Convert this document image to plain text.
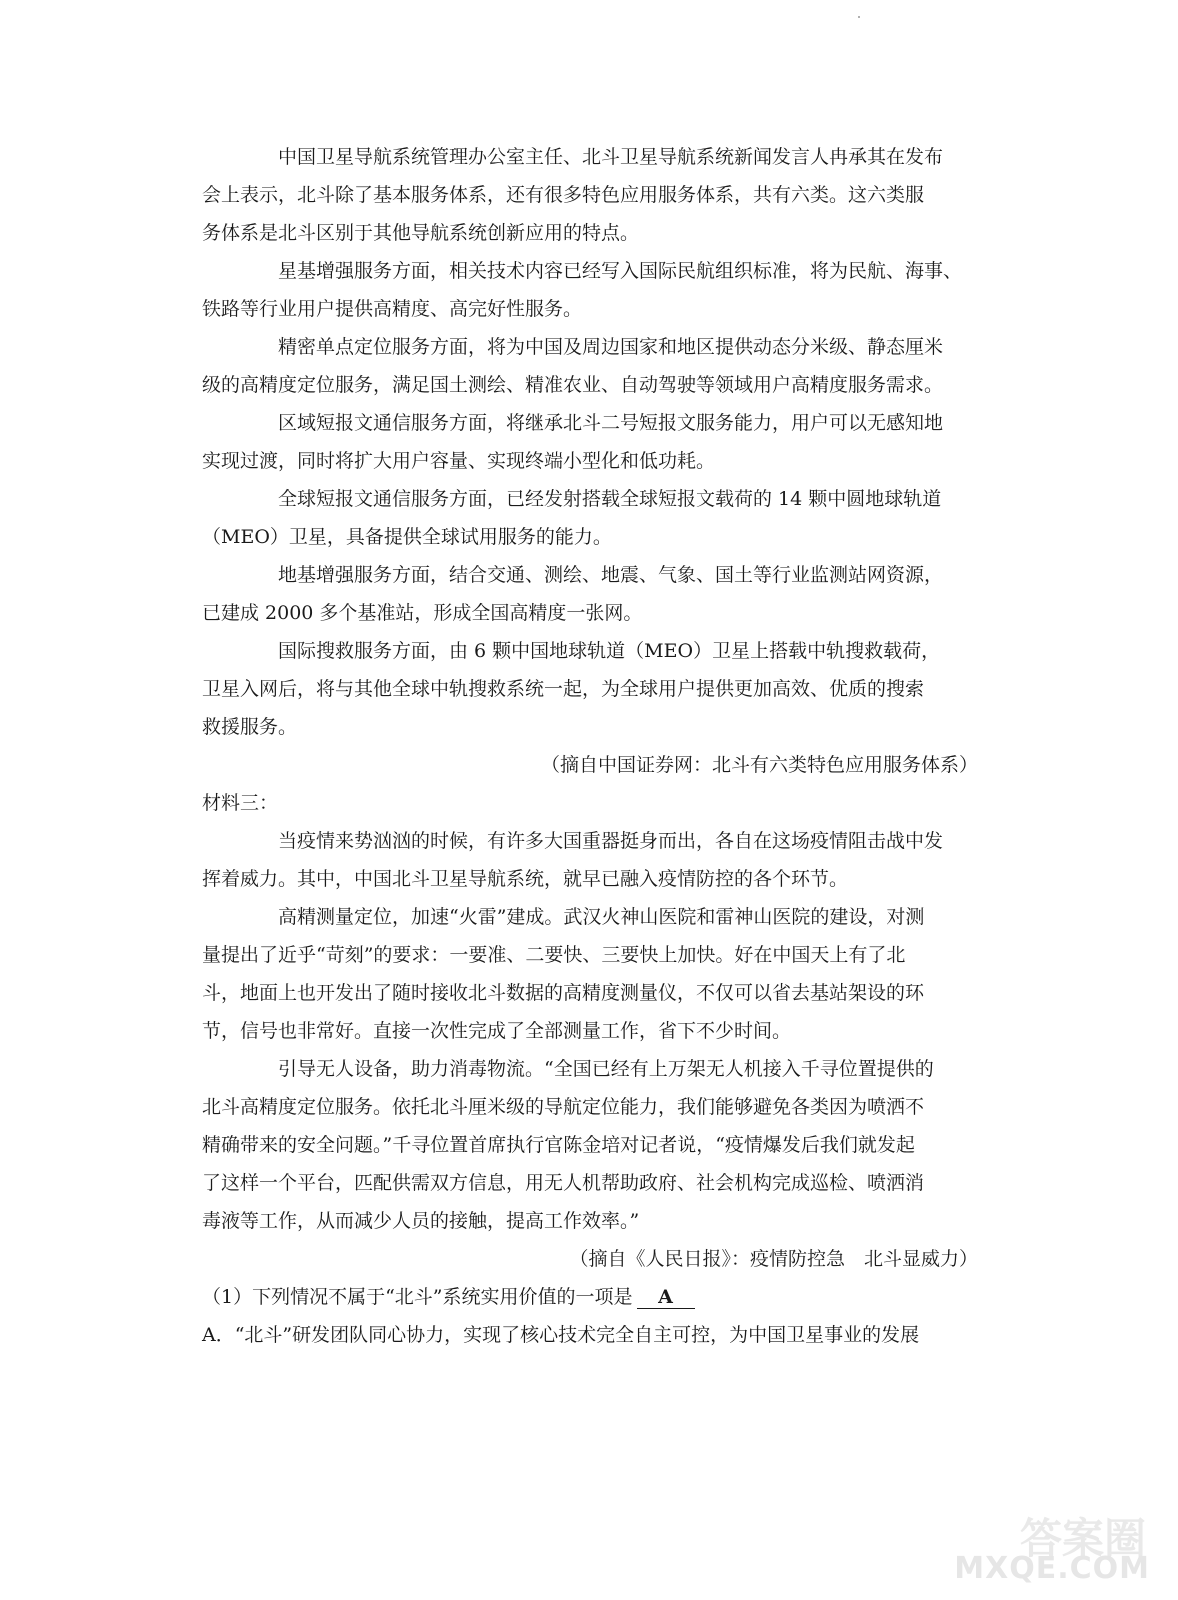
中国卫星导航系统管理办公室主任、北斗卫星导航系统新闻发言人冉承其在发布
会上表示，北斗除了基本服务体系，还有很多特色应用服务体系，共有六类。这六类服
务体系是北斗区别于其他导航系统创新应用的特点。
星基增强服务方面，相关技术内容已经写入国际民航组织标准，将为民航、海事、
铁路等行业用户提供高精度、高完好性服务。
精密单点定位服务方面，将为中国及周边国家和地区提供动态分米级、静态厘米
级的高精度定位服务，满足国土测绘、精准农业、自动驾驶等领域用户高精度服务需求。
区域短报文通信服务方面，将继承北斗二号短报文服务能力，用户可以无感知地
实现过渡，同时将扩大用户容量、实现终端小型化和低功耗。
全球短报文通信服务方面，已经发射搭载全球短报文载荷的 14 颗中圆地球轨道
（MEO）卫星，具备提供全球试用服务的能力。
地基增强服务方面，结合交通、测绘、地震、气象、国土等行业监测站网资源，
已建成 2000 多个基准站，形成全国高精度一张网。
国际搜救服务方面，由 6 颗中国地球轨道（MEO）卫星上搭载中轨搜救载荷，
卫星入网后，将与其他全球中轨搜救系统一起，为全球用户提供更加高效、优质的搜索
救援服务。
（摘自中国证券网：北斗有六类特色应用服务体系）
材料三：
当疫情来势汹汹的时候，有许多大国重器挺身而出，各自在这场疫情阻击战中发
挥着威力。其中，中国北斗卫星导航系统，就早已融入疫情防控的各个环节。
高精测量定位，加速“火雷”建成。武汉火神山医院和雷神山医院的建设，对测
量提出了近乎“苛刻”的要求：一要准、二要快、三要快上加快。好在中国天上有了北
斗，地面上也开发出了随时接收北斗数据的高精度测量仪，不仅可以省去基站架设的环
节，信号也非常好。直接一次性完成了全部测量工作，省下不少时间。
引导无人设备，助力消毒物流。“全国已经有上万架无人机接入千寻位置提供的
北斗高精度定位服务。依托北斗厘米级的导航定位能力，我们能够避免各类因为喷洒不
精确带来的安全问题。”千寻位置首席执行官陈金培对记者说，“疫情爆发后我们就发起
了这样一个平台，匹配供需双方信息，用无人机帮助政府、社会机构完成巡检、喷洒消
毒液等工作，从而减少人员的接触，提高工作效率。”
（摘自《人民日报》：疫情防控急　北斗显威力）
（1）下列情况不属于“北斗”系统实用价值的一项是 A
A．“北斗”研发团队同心协力，实现了核心技术完全自主可控，为中国卫星事业的发展
答案圈
MXQE.COM
